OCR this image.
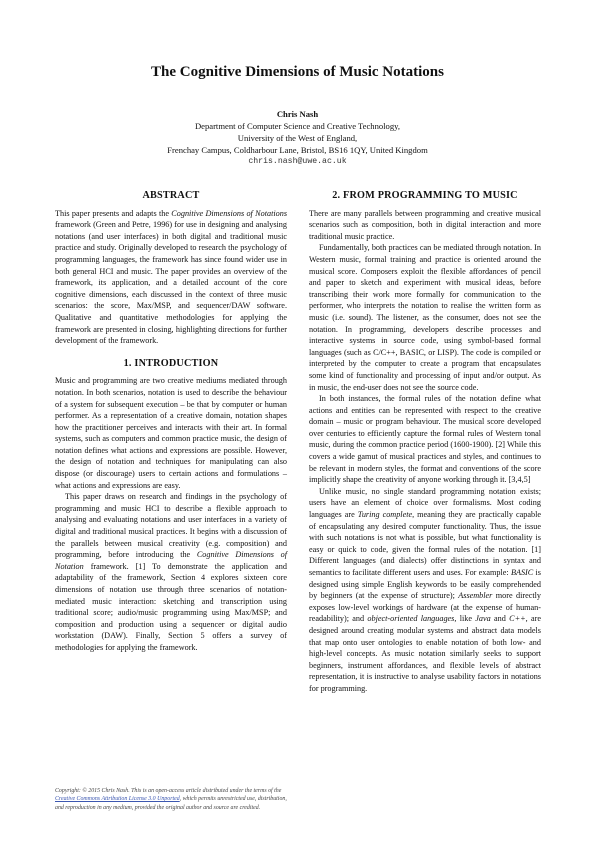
The Cognitive Dimensions of Music Notations
Chris Nash
Department of Computer Science and Creative Technology,
University of the West of England,
Frenchay Campus, Coldharbour Lane, Bristol, BS16 1QY, United Kingdom
chris.nash@uwe.ac.uk
ABSTRACT

This paper presents and adapts the Cognitive Dimensions of Notations framework (Green and Petre, 1996) for use in designing and analysing notations (and user interfaces) in both digital and traditional music practice and study. Originally developed to research the psychology of programming languages, the framework has since found wider use in both general HCI and music. The paper provides an overview of the framework, its application, and a detailed account of the core cognitive dimensions, each discussed in the context of three music scenarios: the score, Max/MSP, and sequencer/DAW software. Qualitative and quantitative methodologies for applying the framework are presented in closing, highlighting directions for further development of the framework.

1. INTRODUCTION

Music and programming are two creative mediums mediated through notation. In both scenarios, notation is used to describe the behaviour of a system for subsequent execution – be that by computer or human performer. As a representation of a creative domain, notation shapes how the practitioner perceives and interacts with their art. In formal systems, such as computers and common practice music, the design of notation defines what actions and expressions are possible. However, the design of notation and techniques for manipulating can also dispose (or discourage) users to certain actions and formulations – what actions and expressions are easy.

This paper draws on research and findings in the psychology of programming and music HCI to describe a flexible approach to analysing and evaluating notations and user interfaces in a variety of digital and traditional musical practices. It begins with a discussion of the parallels between musical creativity (e.g. composition) and programming, before introducing the Cognitive Dimensions of Notation framework. [1] To demonstrate the application and adaptability of the framework, Section 4 explores sixteen core dimensions of notation use through three scenarios of notation-mediated music interaction: sketching and transcription using traditional score; audio/music programming using Max/MSP; and composition and production using a sequencer or digital audio workstation (DAW). Finally, Section 5 offers a survey of methodologies for applying the framework.

2. FROM PROGRAMMING TO MUSIC

There are many parallels between programming and creative musical scenarios such as composition, both in digital interaction and more traditional music practice.

Fundamentally, both practices can be mediated through notation. In Western music, formal training and practice is oriented around the musical score. Composers exploit the flexible affordances of pencil and paper to sketch and experiment with musical ideas, before transcribing their work more formally for communication to the performer, who interprets the notation to realise the written form as music (i.e. sound). The listener, as the consumer, does not see the notation. In programming, developers describe processes and interactive systems in source code, using symbol-based formal languages (such as C/C++, BASIC, or LISP). The code is compiled or interpreted by the computer to create a program that encapsulates some kind of functionality and processing of input and/or output. As in music, the end-user does not see the source code.

In both instances, the formal rules of the notation define what actions and entities can be represented with respect to the creative domain – music or program behaviour. The musical score developed over centuries to efficiently capture the formal rules of Western tonal music, during the common practice period (1600-1900). [2] While this covers a wide gamut of musical practices and styles, and continues to be relevant in modern styles, the format and conventions of the score implicitly shape the creativity of anyone working through it. [3,4,5]

Unlike music, no single standard programming notation exists; users have an element of choice over formalisms. Most coding languages are Turing complete, meaning they are practically capable of encapsulating any desired computer functionality. Thus, the issue with such notations is not what is possible, but what functionality is easy or quick to code, given the formal rules of the notation. [1] Different languages (and dialects) offer distinctions in syntax and semantics to facilitate different users and uses. For example: BASIC is designed using simple English keywords to be easily comprehended by beginners (at the expense of structure); Assembler more directly exposes low-level workings of hardware (at the expense of human-readability); and object-oriented languages, like Java and C++, are designed around creating modular systems and abstract data models that map onto user ontologies to enable notation of both low- and high-level concepts. As music notation similarly seeks to support beginners, instrument affordances, and flexible levels of abstract representation, it is instructive to analyse usability factors in notations for programming.

Copyright: © 2015 Chris Nash. This is an open-access article distributed under the terms of the Creative Commons Attribution License 3.0 Unported, which permits unrestricted use, distribution, and reproduction in any medium, provided the original author and source are credited.
